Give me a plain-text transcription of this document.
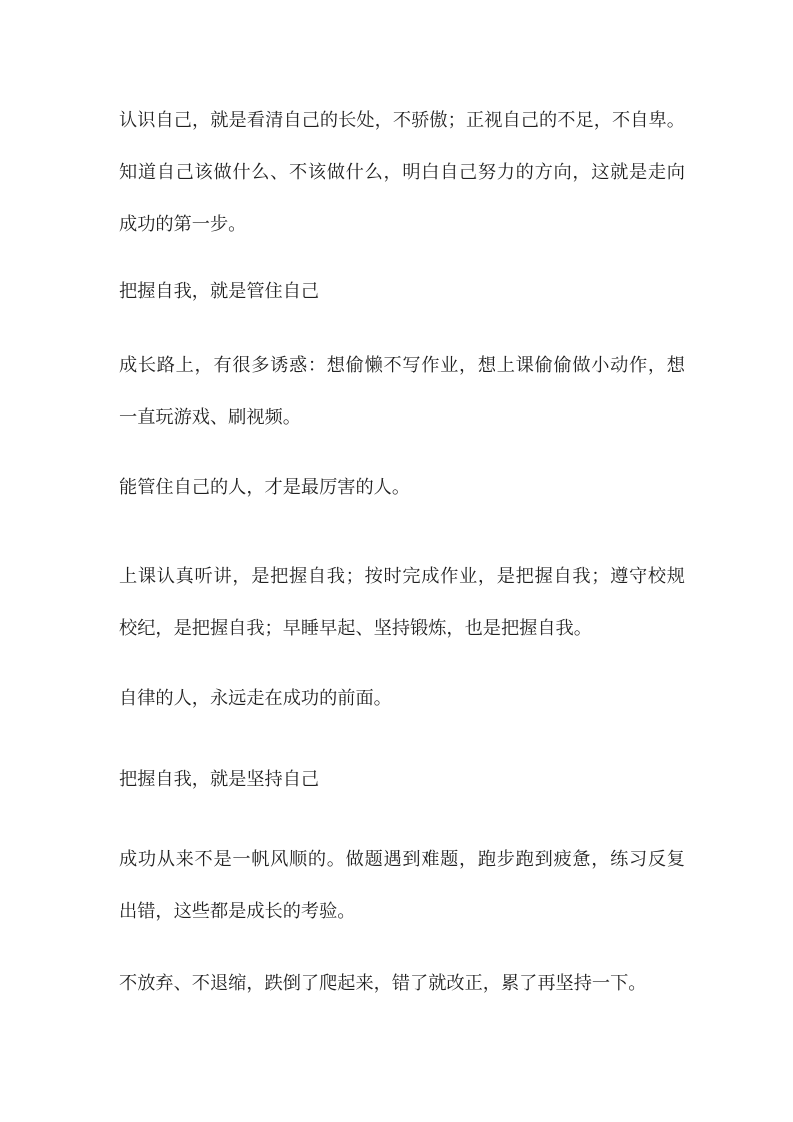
认识自己，就是看清自己的长处，不骄傲；正视自己的不足，不自卑。
知道自己该做什么、不该做什么，明白自己努力的方向，这就是走向
成功的第一步。
把握自我，就是管住自己
成长路上，有很多诱惑：想偷懒不写作业，想上课偷偷做小动作，想
一直玩游戏、刷视频。
能管住自己的人，才是最厉害的人。
上课认真听讲，是把握自我；按时完成作业，是把握自我；遵守校规
校纪，是把握自我；早睡早起、坚持锻炼，也是把握自我。
自律的人，永远走在成功的前面。
把握自我，就是坚持自己
成功从来不是一帆风顺的。做题遇到难题，跑步跑到疲惫，练习反复
出错，这些都是成长的考验。
不放弃、不退缩，跌倒了爬起来，错了就改正，累了再坚持一下。
